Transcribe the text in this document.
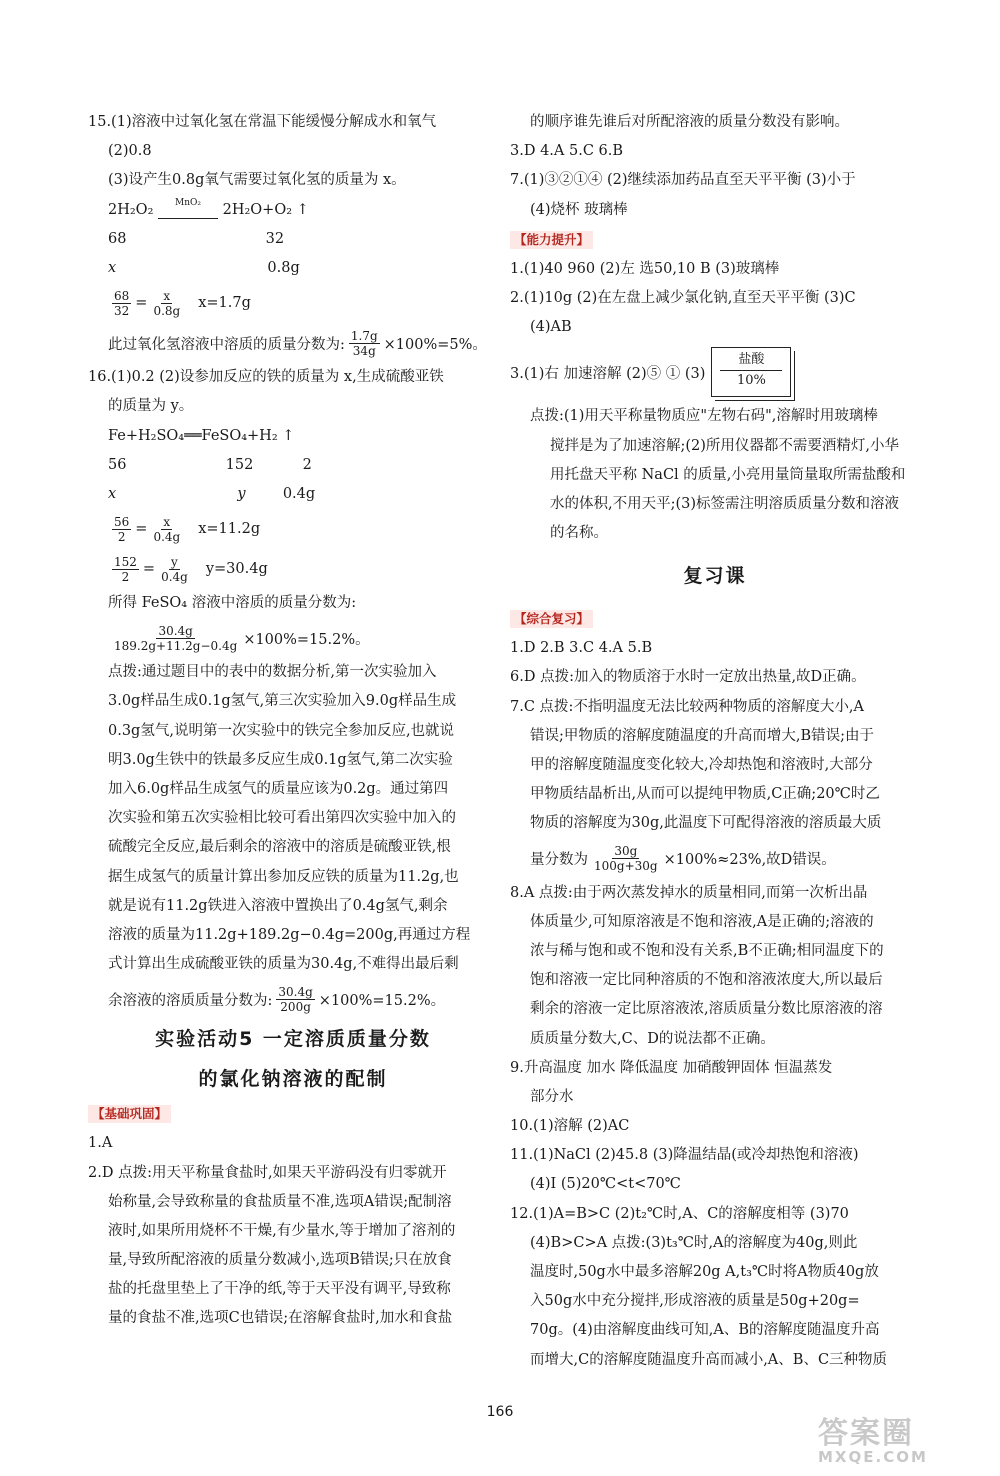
15.(1)溶液中过氧化氢在常温下能缓慢分解成水和氧气
(2)0.8
(3)设产生0.8g氧气需要过氧化氢的质量为 x。
2H₂O₂ $^{MnO_2}$ 2H₂O+O₂ ↑
68	32
x	0.8g
$\frac{68}{32} = \frac{x}{0.8g} x=1.7g$
此过氧化氢溶液中溶质的质量分数为: $\frac{1.7g}{34g} \times 100\%=5\%$。
16.(1)0.2 (2)设参加反应的铁的质量为 x,生成硫酸亚铁
的质量为 y。
Fe+H₂SO₄══FeSO₄+H₂ ↑
56	152	2
x	y	0.4g
$\frac{56}{2} = \frac{x}{0.4g} x=11.2g$
$\frac{152}{2} = \frac{y}{0.4g} y=30.4g$
所得 FeSO₄ 溶液中溶质的质量分数为:
$\frac{30.4g}{189.2g+11.2g-0.4g} \times 100\%=15.2\%$。
点拨:通过题目中的表中的数据分析,第一次实验加入
3.0g样品生成0.1g氢气,第三次实验加入9.0g样品生成
0.3g氢气,说明第一次实验中的铁完全参加反应,也就说
明3.0g生铁中的铁最多反应生成0.1g氢气,第二次实验
加入6.0g样品生成氢气的质量应该为0.2g。通过第四
次实验和第五次实验相比较可看出第四次实验中加入的
硫酸完全反应,最后剩余的溶液中的溶质是硫酸亚铁,根
据生成氢气的质量计算出参加反应铁的质量为11.2g,也
就是说有11.2g铁进入溶液中置换出了0.4g氢气,剩余
溶液的质量为11.2g+189.2g−0.4g=200g,再通过方程
式计算出生成硫酸亚铁的质量为30.4g,不难得出最后剩
余溶液的溶质质量分数为: $\frac{30.4g}{200g} \times 100\%=15.2\%$。
实验活动5 一定溶质质量分数
的氯化钠溶液的配制
【基础巩固】
1.A
2.D 点拨:用天平称量食盐时,如果天平游码没有归零就开
始称量,会导致称量的食盐质量不准,选项A错误;配制溶
液时,如果所用烧杯不干燥,有少量水,等于增加了溶剂的
量,导致所配溶液的质量分数减小,选项B错误;只在放食
盐的托盘里垫上了干净的纸,等于天平没有调平,导致称
量的食盐不准,选项C也错误;在溶解食盐时,加水和食盐
的顺序谁先谁后对所配溶液的质量分数没有影响。
3.D 4.A 5.C 6.B
7.(1)③②①④ (2)继续添加药品直至天平平衡 (3)小于
(4)烧杯 玻璃棒
【能力提升】
1.(1)40 960 (2)左 选50,10 B (3)玻璃棒
2.(1)10g (2)在左盘上减少氯化钠,直至天平平衡 (3)C
(4)AB
3.(1)右 加速溶解 (2)⑤ ① (3)
盐酸
10%
点拨:(1)用天平称量物质应"左物右码",溶解时用玻璃棒
搅拌是为了加速溶解;(2)所用仪器都不需要酒精灯,小华
用托盘天平称 NaCl 的质量,小亮用量筒量取所需盐酸和
水的体积,不用天平;(3)标签需注明溶质质量分数和溶液
的名称。
复习课
【综合复习】
1.D 2.B 3.C 4.A 5.B
6.D 点拨:加入的物质溶于水时一定放出热量,故D正确。
7.C 点拨:不指明温度无法比较两种物质的溶解度大小,A
错误;甲物质的溶解度随温度的升高而增大,B错误;由于
甲的溶解度随温度变化较大,冷却热饱和溶液时,大部分
甲物质结晶析出,从而可以提纯甲物质,C正确;20℃时乙
物质的溶解度为30g,此温度下可配得溶液的溶质最大质
量分数为 $\frac{30g}{100g+30g} \times 100\%\approx 23\%$,故D错误。
8.A 点拨:由于两次蒸发掉水的质量相同,而第一次析出晶
体质量少,可知原溶液是不饱和溶液,A是正确的;溶液的
浓与稀与饱和或不饱和没有关系,B不正确;相同温度下的
饱和溶液一定比同种溶质的不饱和溶液浓度大,所以最后
剩余的溶液一定比原溶液浓,溶质质量分数比原溶液的溶
质质量分数大,C、D的说法都不正确。
9.升高温度 加水 降低温度 加硝酸钾固体 恒温蒸发
部分水
10.(1)溶解 (2)AC
11.(1)NaCl (2)45.8 (3)降温结晶(或冷却热饱和溶液)
(4)Ⅰ (5)20℃<t<70℃
12.(1)A=B>C (2)t₂℃时,A、C的溶解度相等 (3)70
(4)B>C>A 点拨:(3)t₃℃时,A的溶解度为40g,则此
温度时,50g水中最多溶解20g A,t₃℃时将A物质40g放
入50g水中充分搅拌,形成溶液的质量是50g+20g=
70g。(4)由溶解度曲线可知,A、B的溶解度随温度升高
而增大,C的溶解度随温度升高而减小,A、B、C三种物质
166
答案圈
MXQE.COM
